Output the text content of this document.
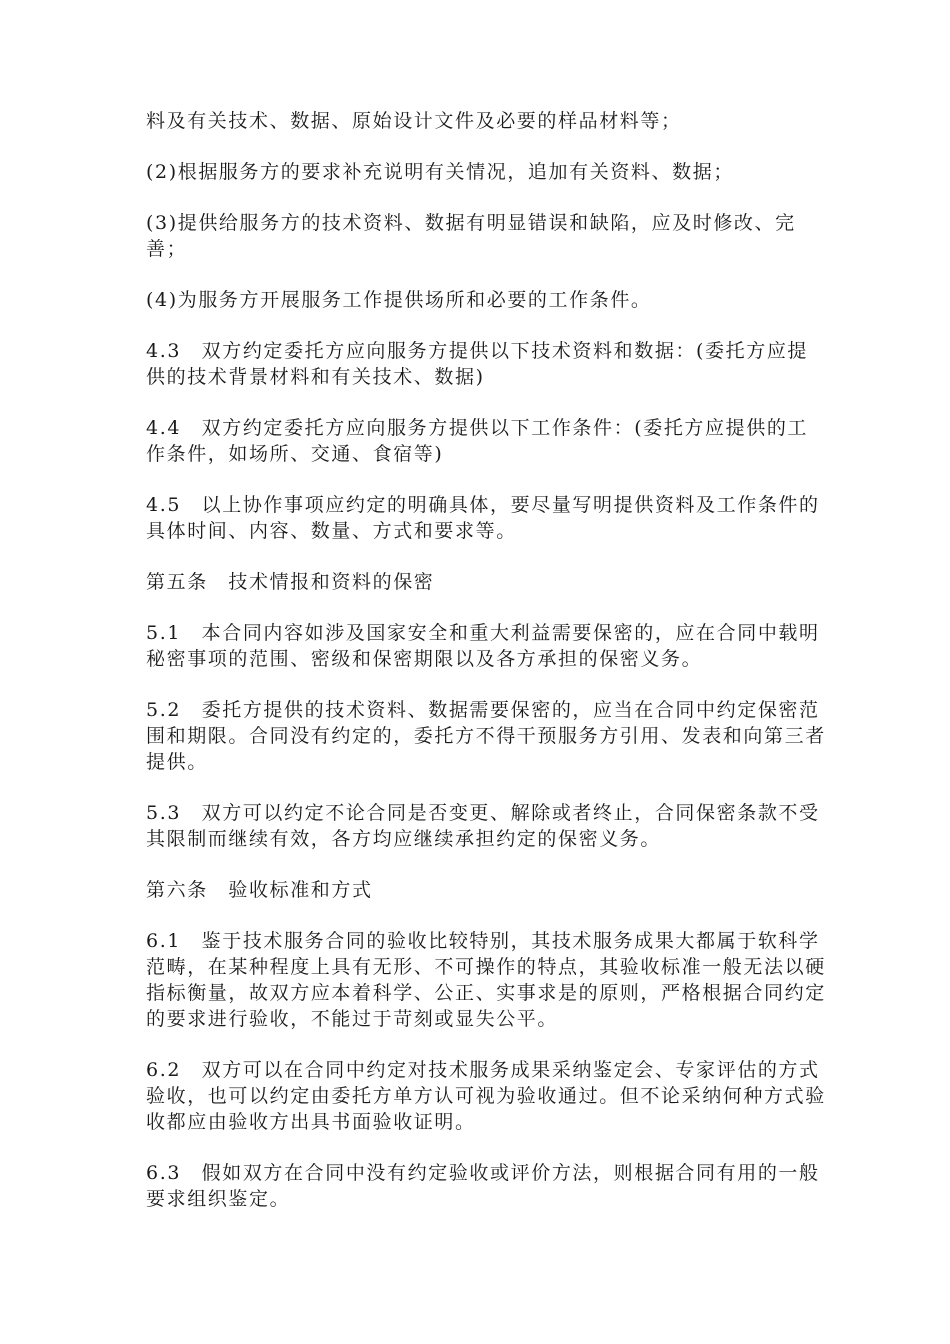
料及有关技术、数据、原始设计文件及必要的样品材料等；

(2)根据服务方的要求补充说明有关情况，追加有关资料、数据；

(3)提供给服务方的技术资料、数据有明显错误和缺陷，应及时修改、完善；

(4)为服务方开展服务工作提供场所和必要的工作条件。

4.3　双方约定委托方应向服务方提供以下技术资料和数据：(委托方应提供的技术背景材料和有关技术、数据)

4.4　双方约定委托方应向服务方提供以下工作条件：(委托方应提供的工作条件，如场所、交通、食宿等)

4.5　以上协作事项应约定的明确具体，要尽量写明提供资料及工作条件的具体时间、内容、数量、方式和要求等。

第五条　技术情报和资料的保密

5.1　本合同内容如涉及国家安全和重大利益需要保密的，应在合同中载明秘密事项的范围、密级和保密期限以及各方承担的保密义务。

5.2　委托方提供的技术资料、数据需要保密的，应当在合同中约定保密范围和期限。合同没有约定的，委托方不得干预服务方引用、发表和向第三者提供。

5.3　双方可以约定不论合同是否变更、解除或者终止，合同保密条款不受其限制而继续有效，各方均应继续承担约定的保密义务。

第六条　验收标准和方式

6.1　鉴于技术服务合同的验收比较特别，其技术服务成果大都属于软科学范畴，在某种程度上具有无形、不可操作的特点，其验收标准一般无法以硬指标衡量，故双方应本着科学、公正、实事求是的原则，严格根据合同约定的要求进行验收，不能过于苛刻或显失公平。

6.2　双方可以在合同中约定对技术服务成果采纳鉴定会、专家评估的方式验收，也可以约定由委托方单方认可视为验收通过。但不论采纳何种方式验收都应由验收方出具书面验收证明。

6.3　假如双方在合同中没有约定验收或评价方法，则根据合同有用的一般要求组织鉴定。
